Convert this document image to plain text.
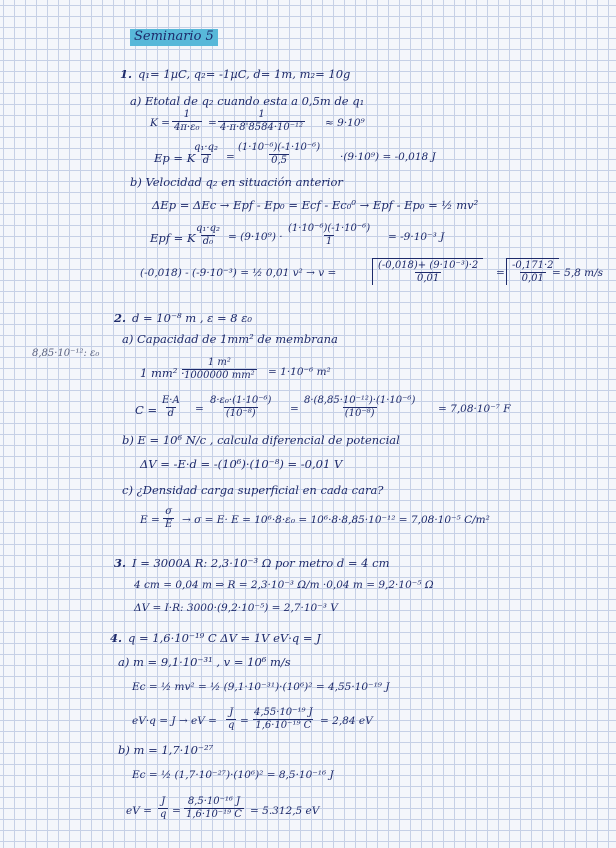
Seminario 5
8,85·10⁻¹²: ε₀
1. q₁= 1µC, q₂= -1µC, d= 1m, m₂= 10g
a) Etotal de q₂ cuando esta a 0,5m de q₁
$K = \frac{1}{\text{4π·ε₀}} = \frac{1}{\text{4·π·8'8584·10⁻¹²}} \approx 9\cdot 10^9$
Ep = K
$\frac{\text{q₁·q₂}}{d} = \frac{\text{(1·10⁻⁶)(-1·10⁻⁶)}}{0,5} \cdot(9\cdot 10^9) = -0,018$ J
b) Velocidad q₂ en situación anterior
ΔEp = ΔEc → Epf - Ep₀ = Ecf - Ec₀⁰ → Epf - Ep₀ = ½ mv²
Epf = K
$\frac{\text{q₁·q₂}}{\text{d₀}} = (9\cdot 10^9) \cdot \frac{\text{(1·10⁻⁶)(-1·10⁻⁶)}}{1} = -9\cdot 10^{-3}$ J
(-0,018) - (-9·10⁻³) = ½ 0,01 v² → v =	$\frac{\text{(-0,018)+ (9·10⁻³)·2}}{0,01} = \frac{-0,171\cdot 2}{0,01}$
= 5,8 m/s
2. d = 10⁻⁸ m , ε = 8 ε₀
a) Capacidad de 1mm² de membrana
1 mm² ·
$\frac{\text{1 m²}}{\text{1000000 mm²}} = 1\cdot 10^{-6}$ m²
$C = \frac{E\cdot A}{d} = \frac{\text{8·ε₀·(1·10⁻⁶)}}{\text{(10⁻⁸)}} = \frac{\text{8·(8,85·10⁻¹²)·(1·10⁻⁶)}}{\text{(10⁻⁸)}} = 7,08\cdot 10^{-7}$ F
b) E = 10⁶ N/c , calcula diferencial de potencial
ΔV = -E·d = -(10⁶)·(10⁻⁸) = -0,01 V
c) ¿Densidad carga superficial en cada cara?
$E = \frac{\sigma}{E} \to \sigma = E\cdot E = 10^6\cdot 8\cdot\varepsilon_0 = 10^6\cdot 8\cdot 8,85\cdot 10^{-12} = 7,08\cdot 10^{-5}$ C/m²
3. I = 3000A R: 2,3·10⁻³ Ω por metro d = 4 cm
4 cm = 0,04 m ⇒ R = 2,3·10⁻³ Ω/m ·0,04 m = 9,2·10⁻⁵ Ω
ΔV = I·R: 3000·(9,2·10⁻⁵) = 2,7·10⁻³ V
4. q = 1,6·10⁻¹⁹ C ΔV = 1V eV·q = J
a) m = 9,1·10⁻³¹ , v = 10⁶ m/s
Ec = ½ mv² = ½ (9,1·10⁻³¹)·(10⁶)² = 4,55·10⁻¹⁹ J
eV·q = J → eV = $\frac{J}{q} = \frac{\text{4,55·10⁻¹⁹ J}}{\text{1,6·10⁻¹⁹ C}} = 2,84$ eV
b) m = 1,7·10⁻²⁷
Ec = ½ (1,7·10⁻²⁷)·(10⁶)² = 8,5·10⁻¹⁶ J
eV = $\frac{J}{q} = \frac{\text{8,5·10⁻¹⁶ J}}{\text{1,6·10⁻¹⁹ C}} = 5.312,5$ eV
